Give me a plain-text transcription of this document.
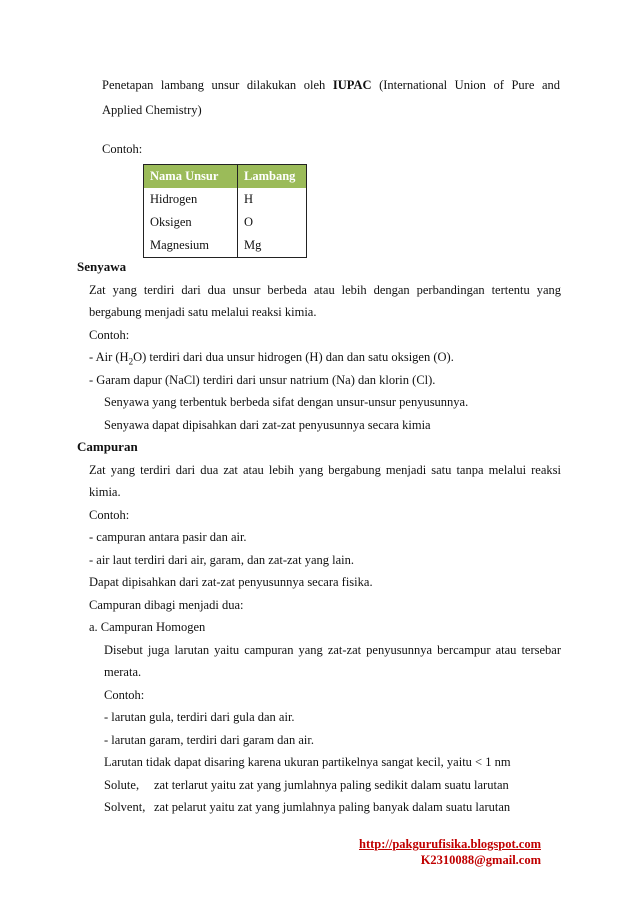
Penetapan lambang unsur dilakukan oleh IUPAC (International Union of Pure and
Applied Chemistry)
Contoh:
Nama Unsur	Lambang
Hidrogen	H
Oksigen	O
Magnesium	Mg
Senyawa
Zat yang terdiri dari dua unsur berbeda atau lebih dengan perbandingan tertentu yang
bergabung menjadi satu melalui reaksi kimia.
Contoh:
- Air $(H_2O)$ terdiri dari dua unsur hidrogen (H) dan dan satu oksigen (O).
- Garam dapur (NaCl) terdiri dari unsur natrium (Na) dan klorin (Cl).
Senyawa yang terbentuk berbeda sifat dengan unsur-unsur penyusunnya.
Senyawa dapat dipisahkan dari zat-zat penyusunnya secara kimia
Campuran
Zat yang terdiri dari dua zat atau lebih yang bergabung menjadi satu tanpa melalui reaksi
kimia.
Contoh:
- campuran antara pasir dan air.
- air laut terdiri dari air, garam, dan zat-zat yang lain.
Dapat dipisahkan dari zat-zat penyusunnya secara fisika.
Campuran dibagi menjadi dua:
a. Campuran Homogen
Disebut juga larutan yaitu campuran yang zat-zat penyusunnya bercampur atau tersebar
merata.
Contoh:
- larutan gula, terdiri dari gula dan air.
- larutan garam, terdiri dari garam dan air.
Larutan tidak dapat disaring karena ukuran partikelnya sangat kecil, yaitu < 1 nm
Solute, zat terlarut yaitu zat yang jumlahnya paling sedikit dalam suatu larutan
Solvent, zat pelarut yaitu zat yang jumlahnya paling banyak dalam suatu larutan
http://pakgurufisika.blogspot.com
K2310088@gmail.com
